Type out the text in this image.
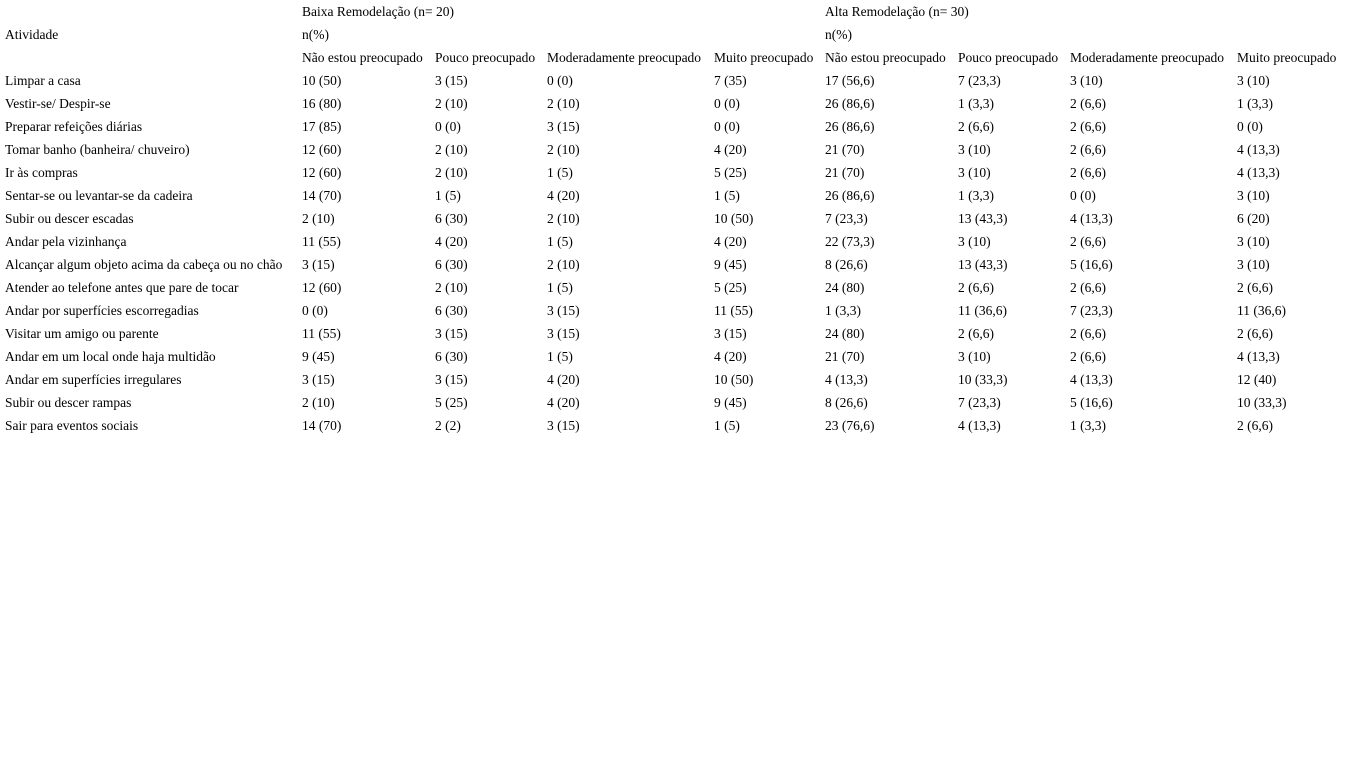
	Baixa Remodelação (n= 20)				Alta Remodelação (n= 30)			
Atividade	n(%)				n(%)			
	Não estou preocupado	Pouco preocupado	Moderadamente preocupado	Muito preocupado	Não estou preocupado	Pouco preocupado	Moderadamente preocupado	Muito preocupado
Limpar a casa	10 (50)	3 (15)	0 (0)	7 (35)	17 (56,6)	7 (23,3)	3 (10)	3 (10)
Vestir-se/ Despir-se	16 (80)	2 (10)	2 (10)	0 (0)	26 (86,6)	1 (3,3)	2 (6,6)	1 (3,3)
Preparar refeições diárias	17 (85)	0 (0)	3 (15)	0 (0)	26 (86,6)	2 (6,6)	2 (6,6)	0 (0)
Tomar banho (banheira/ chuveiro)	12 (60)	2 (10)	2 (10)	4 (20)	21 (70)	3 (10)	2 (6,6)	4 (13,3)
Ir às compras	12 (60)	2 (10)	1 (5)	5 (25)	21 (70)	3 (10)	2 (6,6)	4 (13,3)
Sentar-se ou levantar-se da cadeira	14 (70)	1 (5)	4 (20)	1 (5)	26 (86,6)	1 (3,3)	0 (0)	3 (10)
Subir ou descer escadas	2 (10)	6 (30)	2 (10)	10 (50)	7 (23,3)	13 (43,3)	4 (13,3)	6 (20)
Andar pela vizinhança	11 (55)	4 (20)	1 (5)	4 (20)	22 (73,3)	3 (10)	2 (6,6)	3 (10)
Alcançar algum objeto acima da cabeça ou no chão	3 (15)	6 (30)	2 (10)	9 (45)	8 (26,6)	13 (43,3)	5 (16,6)	3 (10)
Atender ao telefone antes que pare de tocar	12 (60)	2 (10)	1 (5)	5 (25)	24 (80)	2 (6,6)	2 (6,6)	2 (6,6)
Andar por superfícies escorregadias	0 (0)	6 (30)	3 (15)	11 (55)	1 (3,3)	11 (36,6)	7 (23,3)	11 (36,6)
Visitar um amigo ou parente	11 (55)	3 (15)	3 (15)	3 (15)	24 (80)	2 (6,6)	2 (6,6)	2 (6,6)
Andar em um local onde haja multidão	9 (45)	6 (30)	1 (5)	4 (20)	21 (70)	3 (10)	2 (6,6)	4 (13,3)
Andar em superfícies irregulares	3 (15)	3 (15)	4 (20)	10 (50)	4 (13,3)	10 (33,3)	4 (13,3)	12 (40)
Subir ou descer rampas	2 (10)	5 (25)	4 (20)	9 (45)	8 (26,6)	7 (23,3)	5 (16,6)	10 (33,3)
Sair para eventos sociais	14 (70)	2 (2)	3 (15)	1 (5)	23 (76,6)	4 (13,3)	1 (3,3)	2 (6,6)
